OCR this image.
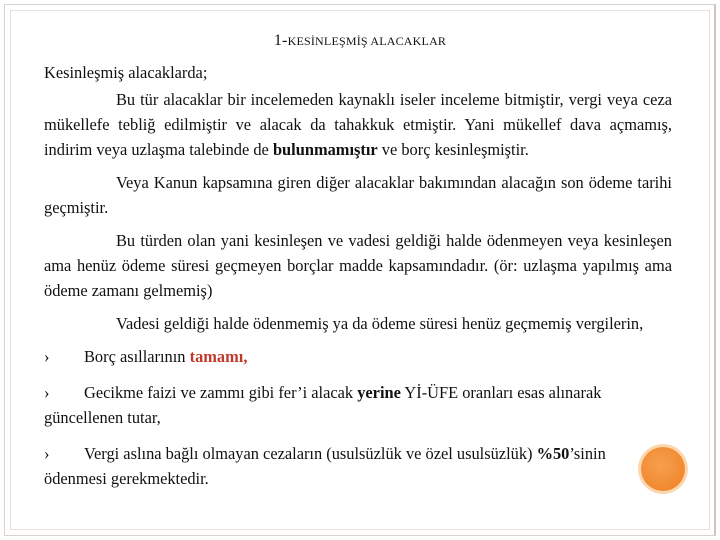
1-KESİNLEŞMİŞ ALACAKLAR

Kesinleşmiş alacaklarda;

Bu tür alacaklar bir incelemeden kaynaklı iseler inceleme bitmiştir, vergi veya ceza mükellefe tebliğ edilmiştir ve alacak da tahakkuk etmiştir. Yani mükellef dava açmamış, indirim veya uzlaşma talebinde de bulunmamıştır ve borç kesinleşmiştir.

Veya Kanun kapsamına giren diğer alacaklar bakımından alacağın son ödeme tarihi geçmiştir.

Bu türden olan yani kesinleşen ve vadesi geldiği halde ödenmeyen veya kesinleşen ama henüz ödeme süresi geçmeyen borçlar madde kapsamındadır. (ör: uzlaşma yapılmış ama ödeme zamanı gelmemiş)

Vadesi geldiği halde ödenmemiş ya da ödeme süresi henüz geçmemiş vergilerin,

› Borç asıllarının tamamı,

› Gecikme faizi ve zammı gibi fer’i alacak yerine Yİ-ÜFE oranları esas alınarak güncellenen tutar,

› Vergi aslına bağlı olmayan cezaların (usulsüzlük ve özel usulsüzlük) %50’sinin ödenmesi gerekmektedir.
